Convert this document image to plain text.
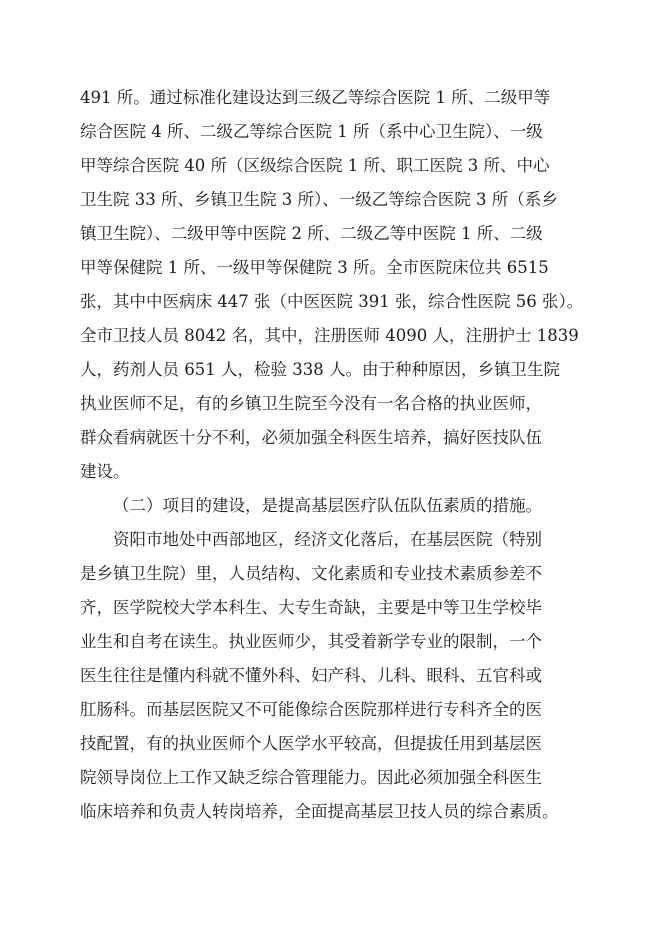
491 所。通过标准化建设达到三级乙等综合医院 1 所、二级甲等
综合医院 4 所、二级乙等综合医院 1 所（系中心卫生院）、一级
甲等综合医院 40 所（区级综合医院 1 所、职工医院 3 所、中心
卫生院 33 所、乡镇卫生院 3 所）、一级乙等综合医院 3 所（系乡
镇卫生院）、二级甲等中医院 2 所、二级乙等中医院 1 所、二级
甲等保健院 1 所、一级甲等保健院 3 所。全市医院床位共 6515
张，其中中医病床 447 张（中医医院 391 张，综合性医院 56 张）。
全市卫技人员 8042 名，其中，注册医师 4090 人，注册护士 1839
人，药剂人员 651 人，检验 338 人。由于种种原因，乡镇卫生院
执业医师不足，有的乡镇卫生院至今没有一名合格的执业医师，
群众看病就医十分不利，必须加强全科医生培养，搞好医技队伍
建设。
（二）项目的建设，是提高基层医疗队伍队伍素质的措施。
资阳市地处中西部地区，经济文化落后，在基层医院（特别
是乡镇卫生院）里，人员结构、文化素质和专业技术素质参差不
齐，医学院校大学本科生、大专生奇缺，主要是中等卫生学校毕
业生和自考在读生。执业医师少，其受着新学专业的限制，一个
医生往往是懂内科就不懂外科、妇产科、儿科、眼科、五官科或
肛肠科。而基层医院又不可能像综合医院那样进行专科齐全的医
技配置，有的执业医师个人医学水平较高，但提拔任用到基层医
院领导岗位上工作又缺乏综合管理能力。因此必须加强全科医生
临床培养和负责人转岗培养，全面提高基层卫技人员的综合素质。
